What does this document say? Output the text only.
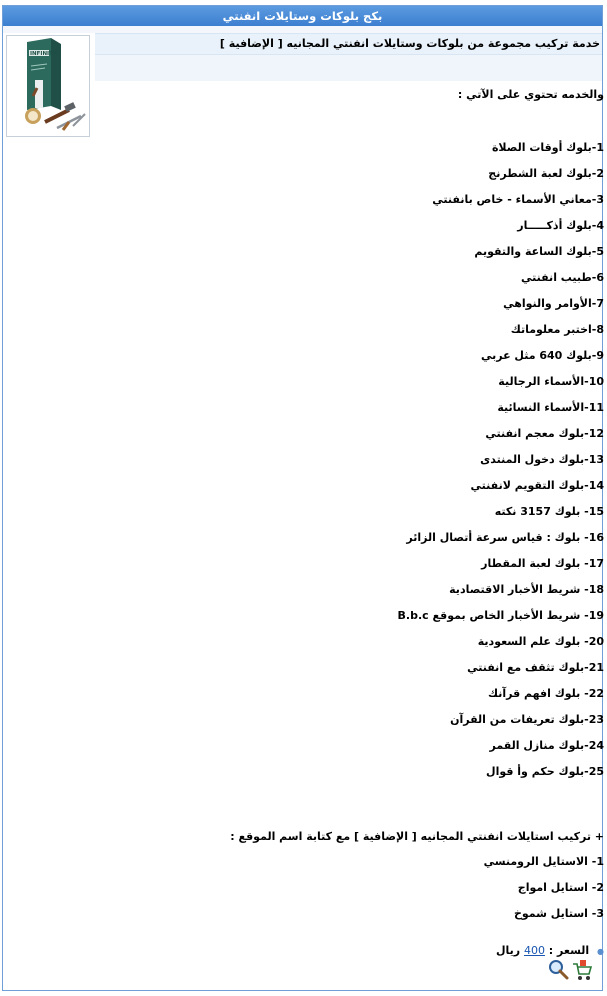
بكج بلوكات وستايلات انفنتي
خدمة تركيب مجموعة من بلوكات وستايلات انفنتي المجانيه [ الإضافية ]
INFINITY
والخدمه تحتوي على الآتي :
1-بلوك أوقات الصلاة
2-بلوك لعبة الشطرنج
3-معاني الأسماء - خاص بانفنتي
4-بلوك أذكـــــار
5-بلوك الساعة والتقويم
6-طبيب انفنتي
7-الأوامر والنواهي
8-اختبر معلوماتك
9-بلوك 640 مثل عربي
10-الأسماء الرجالية
11-الأسماء النسائية
12-بلوك معجم انفنتي
13-بلوك دخول المنتدى
14-بلوك التقويم لانفنتي
15- بلوك 3157 نكته
16- بلوك : قياس سرعة أتصال الزائر
17- بلوك لعبة المقطار
18- شريط الأخبار الاقتصادية
19- شريط الأخبار الخاص بموقع B.b.c
20- بلوك علم السعودية
21-بلوك تثقف مع انفنتي
22- بلوك افهم قرآنك
23-بلوك تعريفات من القرآن
24-بلوك منازل القمر
25-بلوك حكم وأ قوال
+ تركيب استايلات انفنتي المجانيه [ الإضافية ] مع كتابة اسم الموقع :
1- الاستايل الرومنسي
2- استايل امواج
3- استايل شموخ
● السعر : 400 ريال
